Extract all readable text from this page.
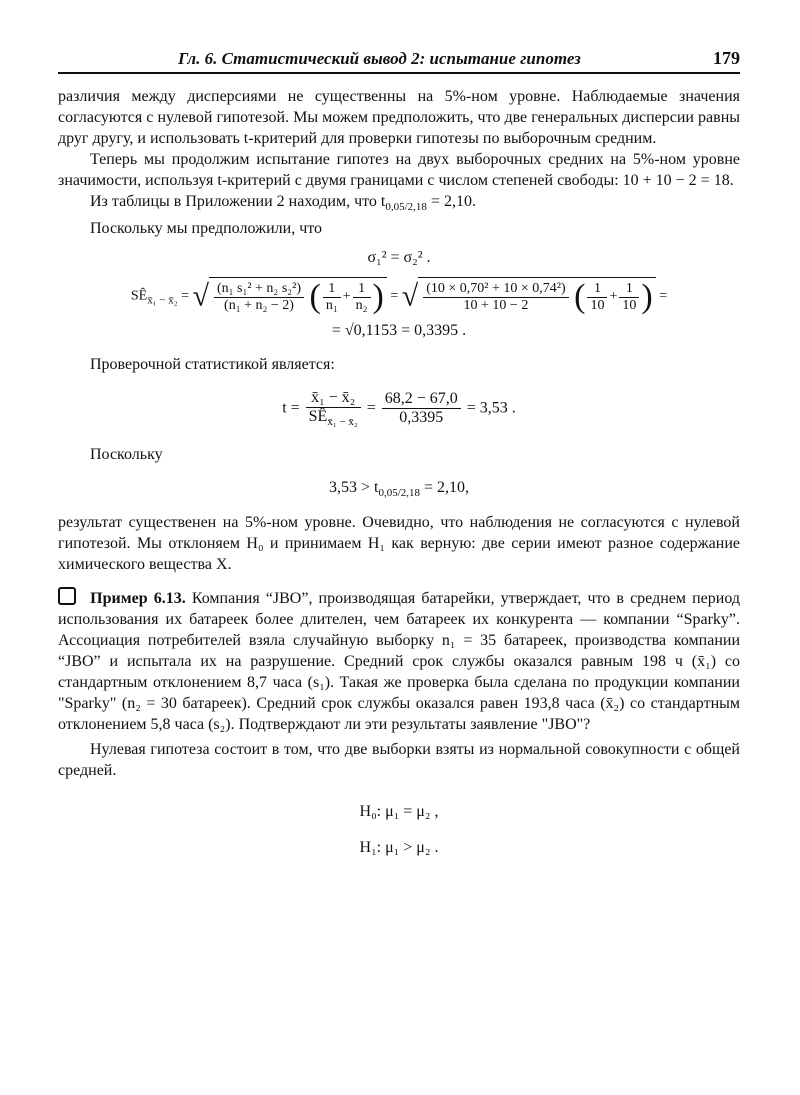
Гл. 6. Статистический вывод 2: испытание гипотез	179

различия между дисперсиями не существенны на 5%-ном уровне. Наблюдаемые значения согласуются с нулевой гипотезой. Мы можем предположить, что две генеральных дисперсии равны друг другу, и использовать t-критерий для проверки гипотезы по выборочным средним.

Теперь мы продолжим испытание гипотез на двух выборочных средних на 5%-ном уровне значимости, используя t-критерий с двумя границами с числом степеней свободы: 10 + 10 − 2 = 18.

Из таблицы в Приложении 2 находим, что $t_{0,05/2,18} = 2,10$.

Поскольку мы предположили, что

σ₁² = σ₂² .
$SÊ_{x̄_1 - x̄_2}$ = √ $\frac{\text{(n₁ s₁² + n₂ s₂²)}}{\text{(n₁ + n₂ − 2)}}$ ( $\frac{1}{\text{n₁}} + \frac{1}{\text{n₂}}$ ) = √ $\frac{\text{(10 × 0,70² + 10 × 0,74²)}}{10 + 10 - 2}$ ( $\frac{1}{10} + \frac{1}{10}$ ) =
= √0,1153 = 0,3395 .

Проверочной статистикой является:

$t = \frac{\text{x̄₁ − x̄₂}}{SÊ_{x̄_1 - x̄_2}} = \frac{68,2 - 67,0}{0,3395} = 3,53$ .

Поскольку

$3,53 > t_{0,05/2,18} = 2,10$,

результат существенен на 5%-ном уровне. Очевидно, что наблюдения не согласуются с нулевой гипотезой. Мы отклоняем H₀ и принимаем H₁ как верную: две серии имеют разное содержание химического вещества X.

Пример 6.13. Компания “JBO”, производящая батарейки, утверждает, что в среднем период использования их батареек более длителен, чем батареек их конкурента — компании “Sparky”. Ассоциация потребителей взяла случайную выборку n₁ = 35 батареек, производства компании “JBO” и испытала их на разрушение. Средний срок службы оказался равным 198 ч (x̄₁) со стандартным отклонением 8,7 часа (s₁). Такая же проверка была сделана по продукции компании "Sparky" (n₂ = 30 батареек). Средний срок службы оказался равен 193,8 часа (x̄₂) со стандартным отклонением 5,8 часа (s₂). Подтверждают ли эти результаты заявление "JBO"?

Нулевая гипотеза состоит в том, что две выборки взяты из нормальной совокупности с общей средней.

H₀: μ₁ = μ₂ ,
H₁: μ₁ > μ₂ .
